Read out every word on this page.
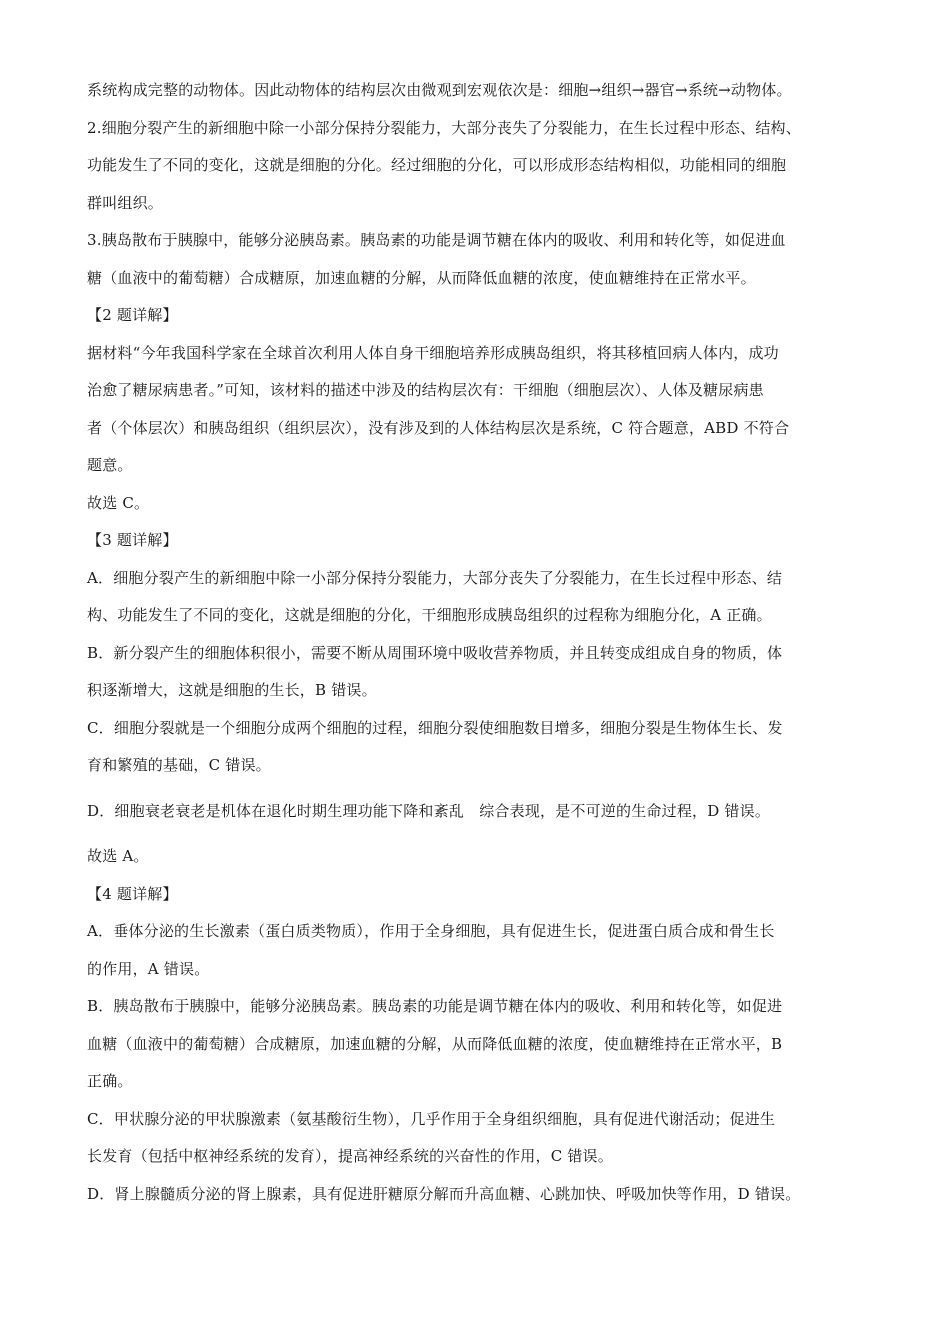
系统构成完整的动物体。因此动物体的结构层次由微观到宏观依次是：细胞→组织→器官→系统→动物体。
2.细胞分裂产生的新细胞中除一小部分保持分裂能力，大部分丧失了分裂能力，在生长过程中形态、结构、
功能发生了不同的变化，这就是细胞的分化。经过细胞的分化，可以形成形态结构相似，功能相同的细胞
群叫组织。
3.胰岛散布于胰腺中，能够分泌胰岛素。胰岛素的功能是调节糖在体内的吸收、利用和转化等，如促进血
糖（血液中的葡萄糖）合成糖原，加速血糖的分解，从而降低血糖的浓度，使血糖维持在正常水平。
【2 题详解】
据材料“今年我国科学家在全球首次利用人体自身干细胞培养形成胰岛组织，将其移植回病人体内，成功
治愈了糖尿病患者。”可知，该材料的描述中涉及的结构层次有：干细胞（细胞层次）、人体及糖尿病患
者（个体层次）和胰岛组织（组织层次），没有涉及到的人体结构层次是系统，C 符合题意，ABD 不符合
题意。
故选 C。
【3 题详解】
A．细胞分裂产生的新细胞中除一小部分保持分裂能力，大部分丧失了分裂能力，在生长过程中形态、结
构、功能发生了不同的变化，这就是细胞的分化，干细胞形成胰岛组织的过程称为细胞分化，A 正确。
B．新分裂产生的细胞体积很小，需要不断从周围环境中吸收营养物质，并且转变成组成自身的物质，体
积逐渐增大，这就是细胞的生长，B 错误。
C．细胞分裂就是一个细胞分成两个细胞的过程，细胞分裂使细胞数目增多，细胞分裂是生物体生长、发
育和繁殖的基础，C 错误。
D．细胞衰老衰老是机体在退化时期生理功能下降和紊乱　综合表现，是不可逆的生命过程，D 错误。
故选 A。
【4 题详解】
A．垂体分泌的生长激素（蛋白质类物质），作用于全身细胞，具有促进生长，促进蛋白质合成和骨生长
的作用，A 错误。
B．胰岛散布于胰腺中，能够分泌胰岛素。胰岛素的功能是调节糖在体内的吸收、利用和转化等，如促进
血糖（血液中的葡萄糖）合成糖原，加速血糖的分解，从而降低血糖的浓度，使血糖维持在正常水平，B
正确。
C．甲状腺分泌的甲状腺激素（氨基酸衍生物），几乎作用于全身组织细胞，具有促进代谢活动；促进生
长发育（包括中枢神经系统的发育），提高神经系统的兴奋性的作用，C 错误。
D．肾上腺髓质分泌的肾上腺素，具有促进肝糖原分解而升高血糖、心跳加快、呼吸加快等作用，D 错误。
